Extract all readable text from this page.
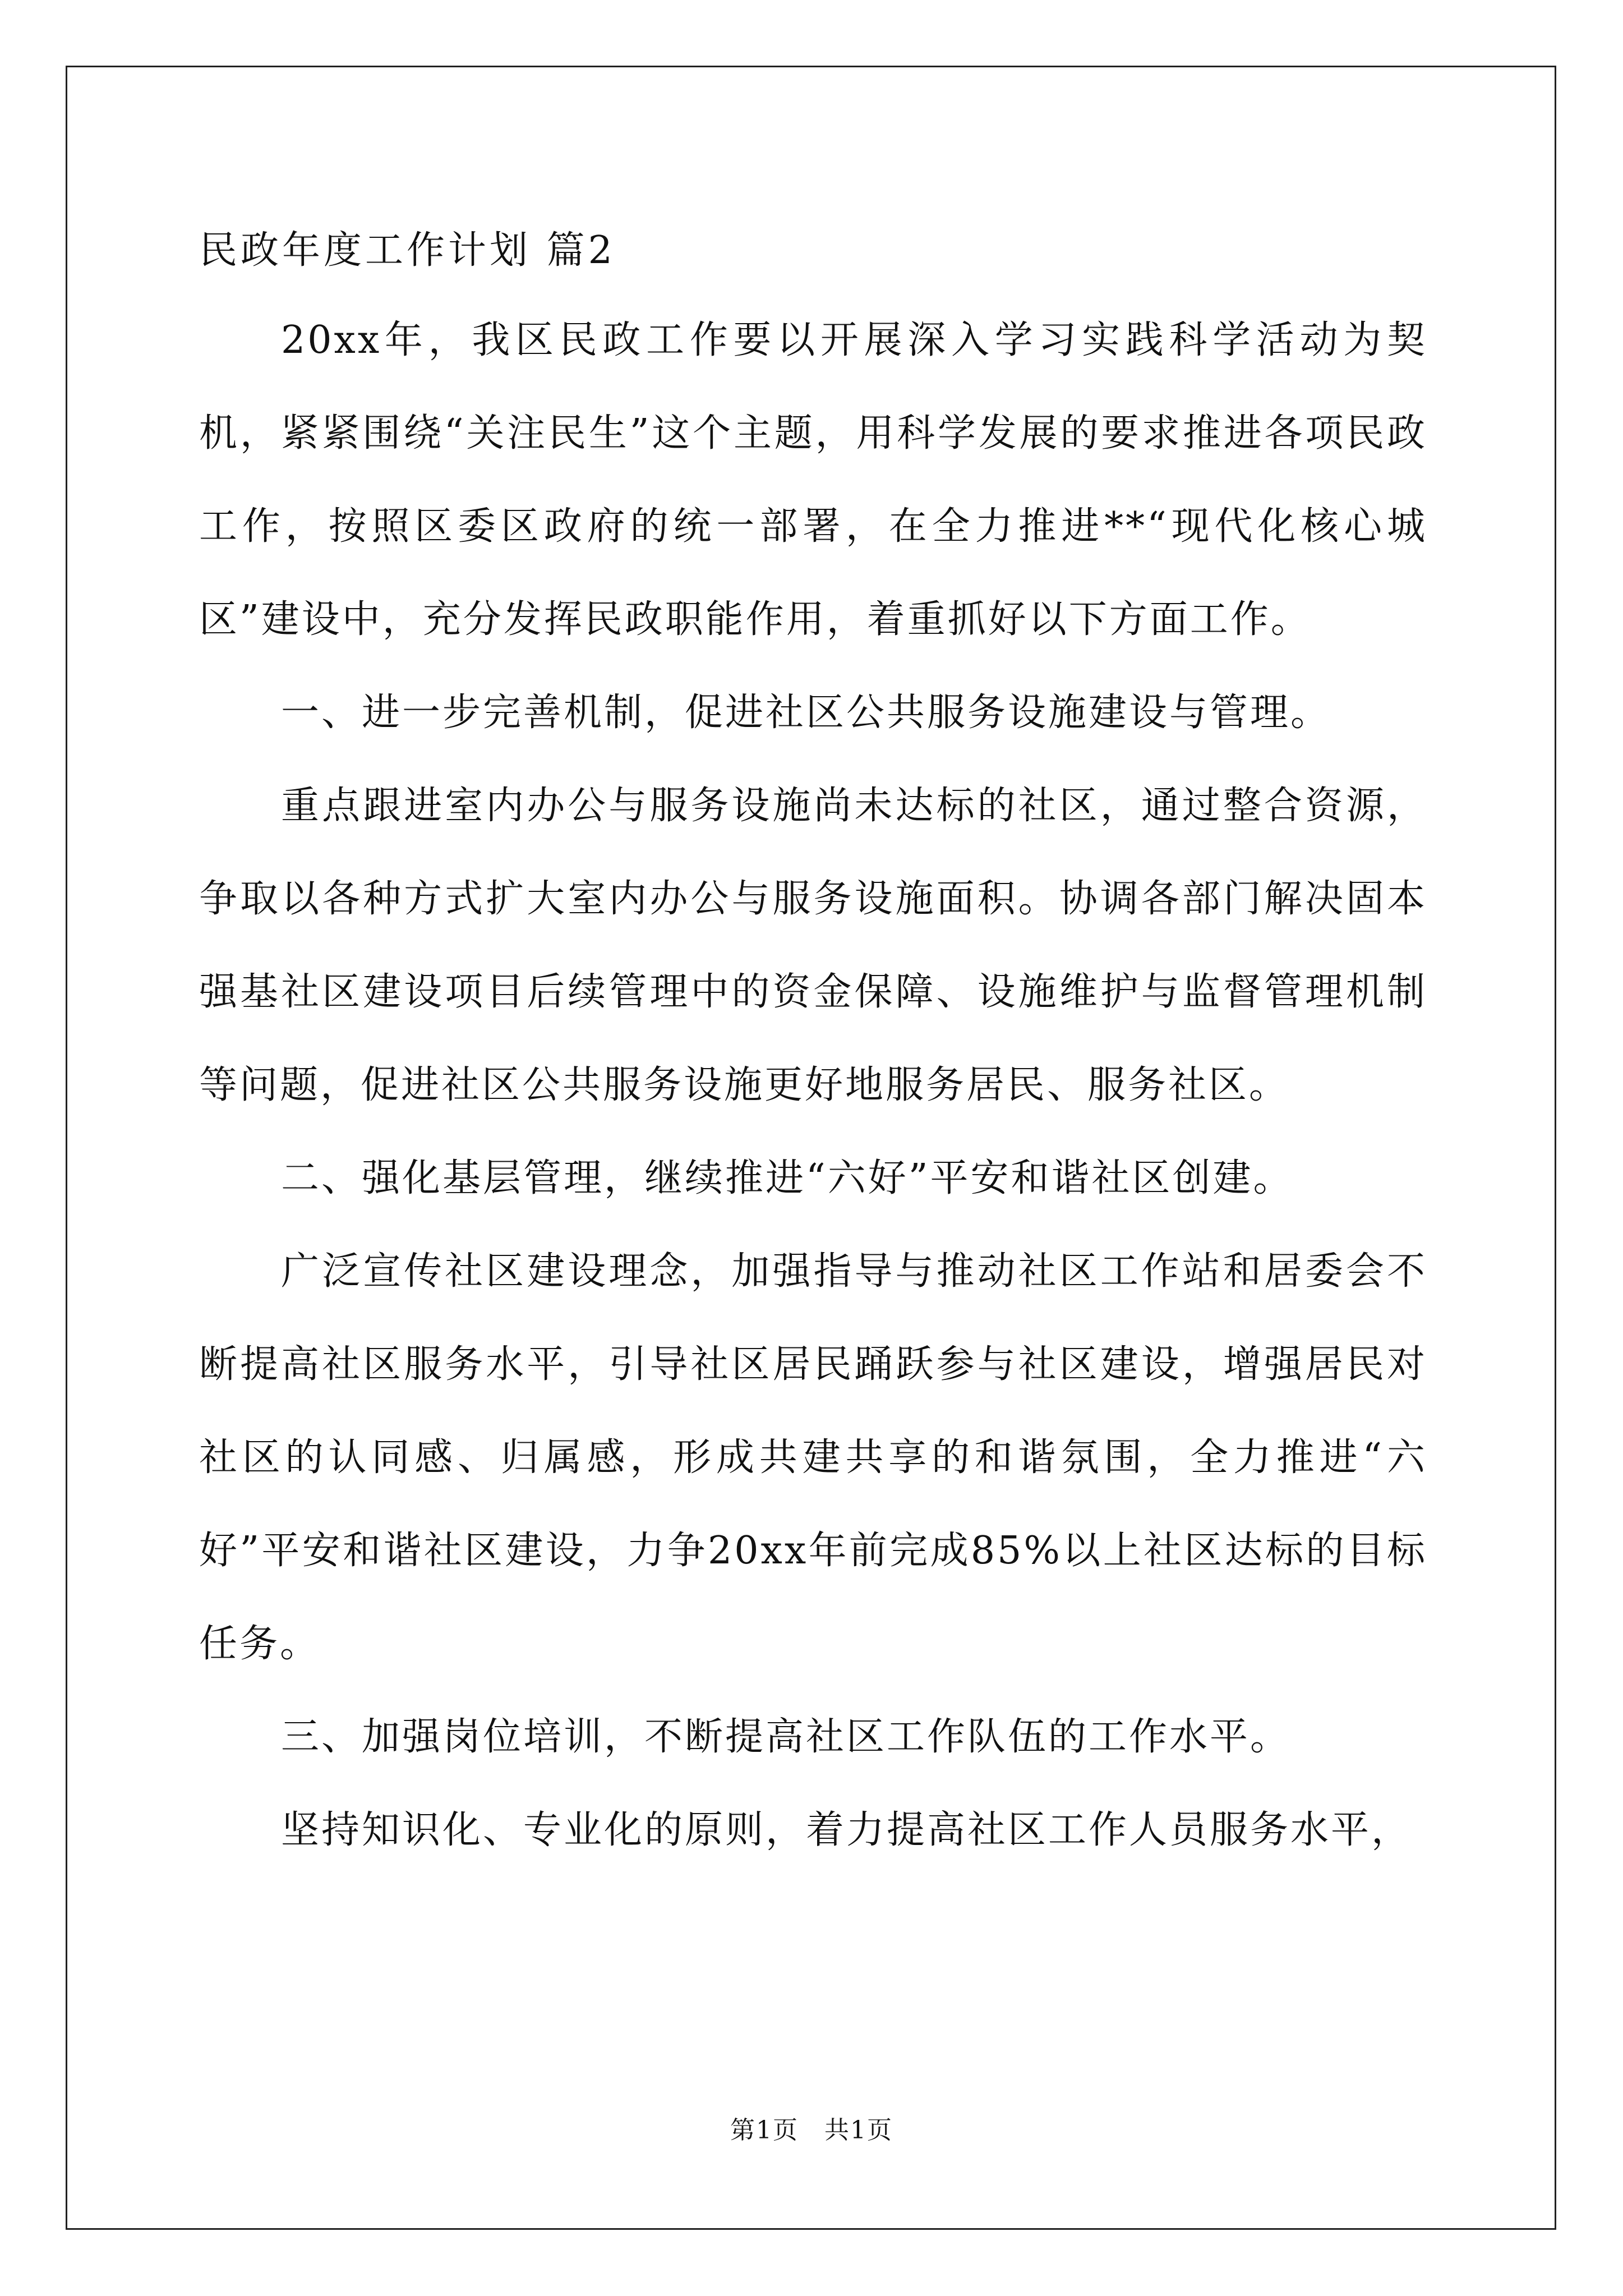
民政年度工作计划 篇2

20xx年，我区民政工作要以开展深入学习实践科学活动为契机，紧紧围绕“关注民生”这个主题，用科学发展的要求推进各项民政工作，按照区委区政府的统一部署，在全力推进**“现代化核心城区”建设中，充分发挥民政职能作用，着重抓好以下方面工作。

一、进一步完善机制，促进社区公共服务设施建设与管理。

重点跟进室内办公与服务设施尚未达标的社区，通过整合资源，争取以各种方式扩大室内办公与服务设施面积。协调各部门解决固本强基社区建设项目后续管理中的资金保障、设施维护与监督管理机制等问题，促进社区公共服务设施更好地服务居民、服务社区。

二、强化基层管理，继续推进“六好”平安和谐社区创建。

广泛宣传社区建设理念，加强指导与推动社区工作站和居委会不断提高社区服务水平，引导社区居民踊跃参与社区建设，增强居民对社区的认同感、归属感，形成共建共享的和谐氛围，全力推进“六好”平安和谐社区建设，力争20xx年前完成85%以上社区达标的目标任务。

三、加强岗位培训，不断提高社区工作队伍的工作水平。

坚持知识化、专业化的原则，着力提高社区工作人员服务水平，

第1页　共1页
